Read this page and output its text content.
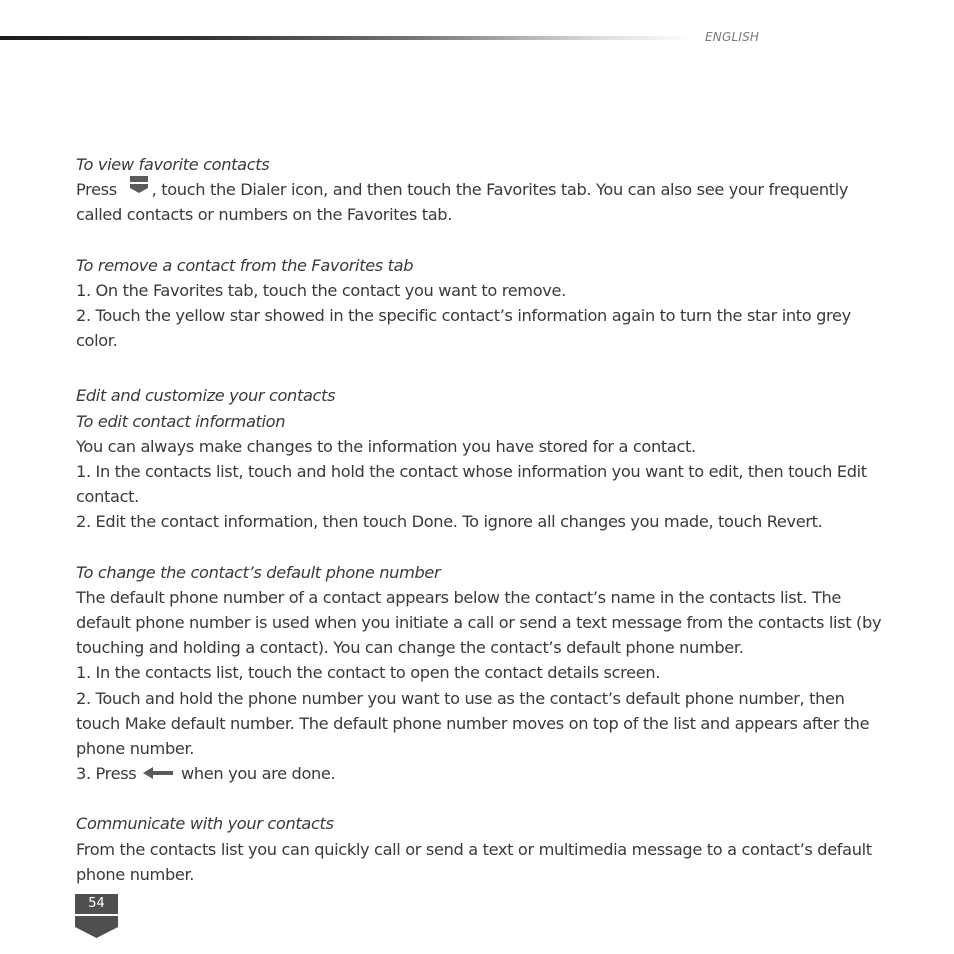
ENGLISH

To view favorite contacts

Press , touch the Dialer icon, and then touch the Favorites tab. You can also see your frequently called contacts or numbers on the Favorites tab.

To remove a contact from the Favorites tab

1. On the Favorites tab, touch the contact you want to remove.

2. Touch the yellow star showed in the specific contact’s information again to turn the star into grey color.

Edit and customize your contacts

To edit contact information

You can always make changes to the information you have stored for a contact.

1. In the contacts list, touch and hold the contact whose information you want to edit, then touch Edit contact.

2. Edit the contact information, then touch Done. To ignore all changes you made, touch Revert.

To change the contact’s default phone number

The default phone number of a contact appears below the contact’s name in the contacts list. The default phone number is used when you initiate a call or send a text message from the contacts list (by touching and holding a contact). You can change the contact’s default phone number.

1. In the contacts list, touch the contact to open the contact details screen.

2. Touch and hold the phone number you want to use as the contact’s default phone number, then touch Make default number. The default phone number moves on top of the list and appears after the phone number.

3. Press	when you are done.

Communicate with your contacts

From the contacts list you can quickly call or send a text or multimedia message to a contact’s default phone number.

54
